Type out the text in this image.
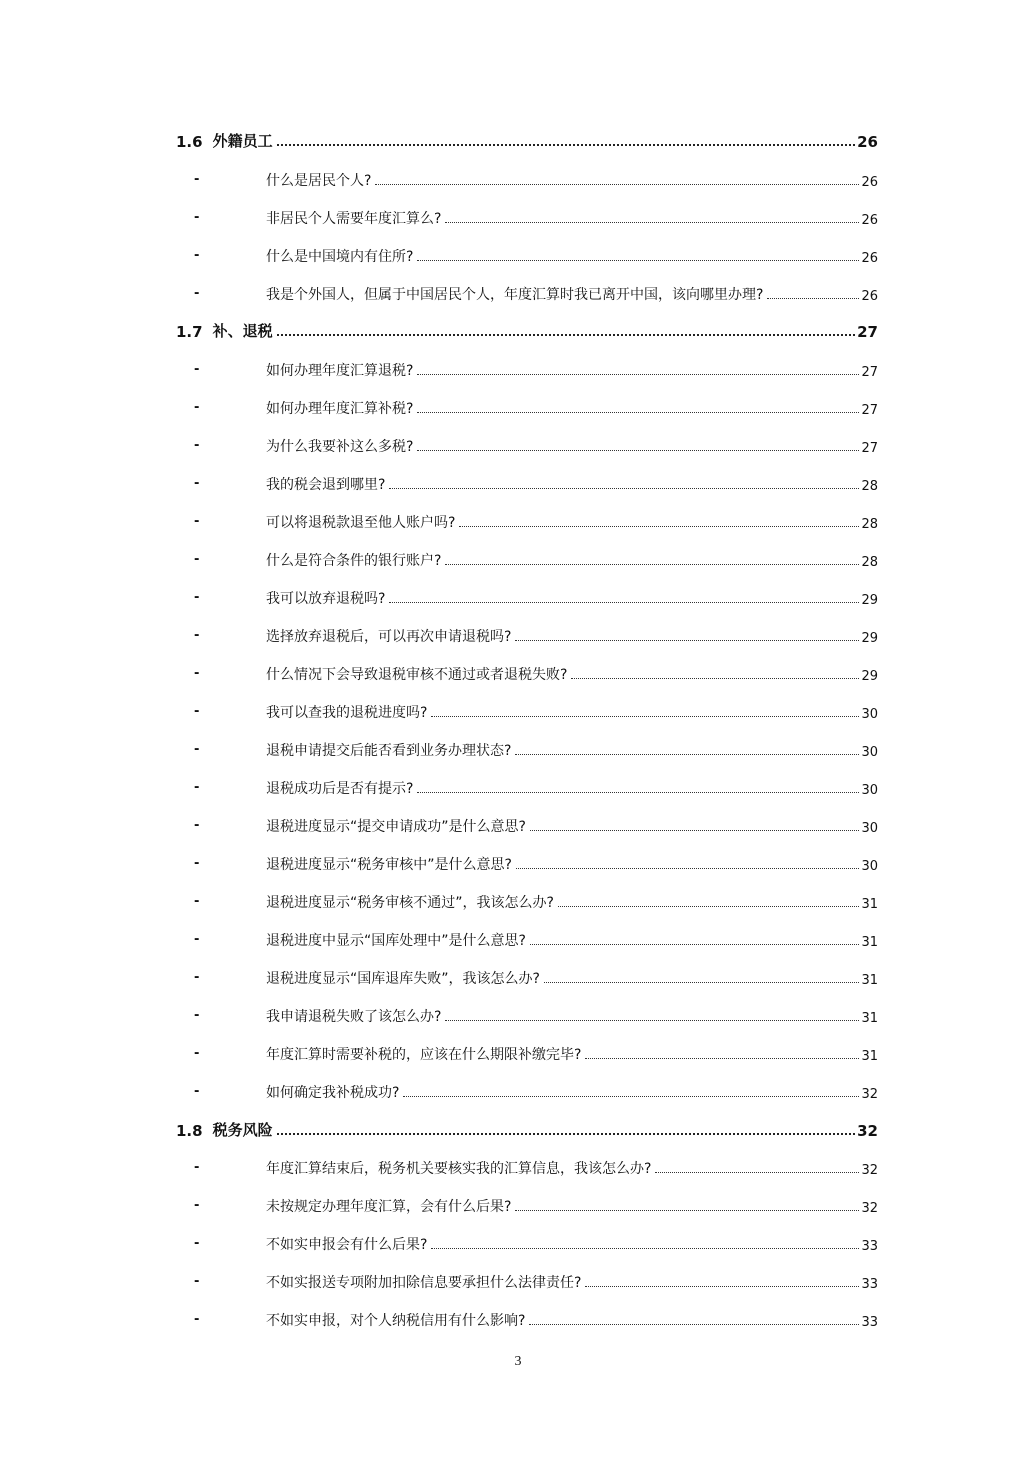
1.6 外籍员工	26
-	什么是居民个人?	26
-	非居民个人需要年度汇算么?	26
-	什么是中国境内有住所?	26
-	我是个外国人，但属于中国居民个人，年度汇算时我已离开中国，该向哪里办理?	26
1.7 补、退税	27
-	如何办理年度汇算退税?	27
-	如何办理年度汇算补税?	27
-	为什么我要补这么多税?	27
-	我的税会退到哪里?	28
-	可以将退税款退至他人账户吗?	28
-	什么是符合条件的银行账户?	28
-	我可以放弃退税吗?	29
-	选择放弃退税后，可以再次申请退税吗?	29
-	什么情况下会导致退税审核不通过或者退税失败?	29
-	我可以查我的退税进度吗?	30
-	退税申请提交后能否看到业务办理状态?	30
-	退税成功后是否有提示?	30
-	退税进度显示“提交申请成功”是什么意思?	30
-	退税进度显示“税务审核中”是什么意思?	30
-	退税进度显示“税务审核不通过”，我该怎么办?	31
-	退税进度中显示“国库处理中”是什么意思?	31
-	退税进度显示“国库退库失败”，我该怎么办?	31
-	我申请退税失败了该怎么办?	31
-	年度汇算时需要补税的，应该在什么期限补缴完毕?	31
-	如何确定我补税成功?	32
1.8 税务风险	32
-	年度汇算结束后，税务机关要核实我的汇算信息，我该怎么办?	32
-	未按规定办理年度汇算，会有什么后果?	32
-	不如实申报会有什么后果?	33
-	不如实报送专项附加扣除信息要承担什么法律责任?	33
-	不如实申报，对个人纳税信用有什么影响?	33
3
